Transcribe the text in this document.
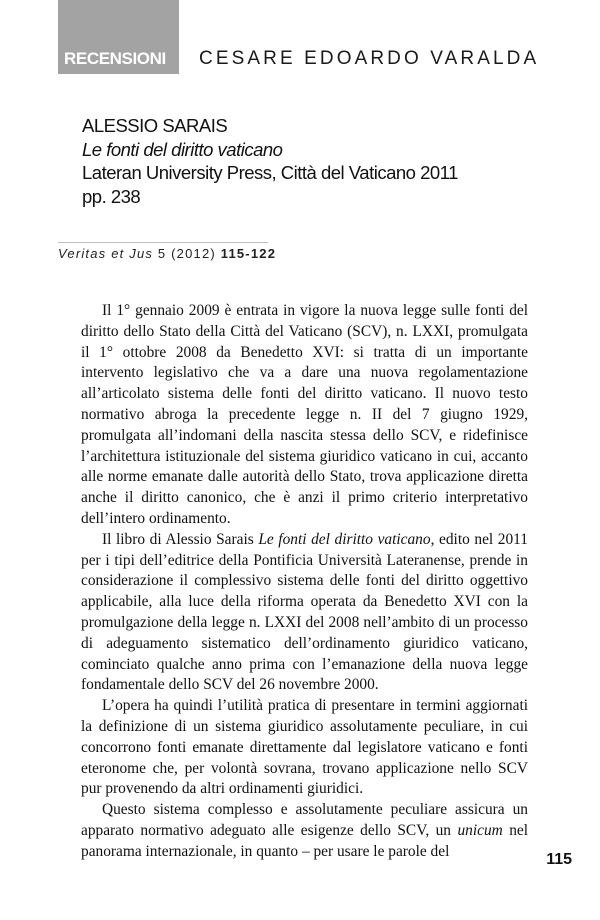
RECENSIONI CESARE EDOARDO VARALDA
ALESSIO SARAIS
Le fonti del diritto vaticano
Lateran University Press, Città del Vaticano 2011
pp. 238
Veritas et Jus 5 (2012) 115-122

Il 1° gennaio 2009 è entrata in vigore la nuova legge sulle fonti del diritto dello Stato della Città del Vaticano (SCV), n. LXXI, promulgata il 1° ottobre 2008 da Benedetto XVI: si tratta di un importante intervento legislativo che va a dare una nuova regolamentazione all’articolato sistema delle fonti del diritto vaticano. Il nuovo testo normativo abroga la precedente legge n. II del 7 giugno 1929, promulgata all’indomani della nascita stessa dello SCV, e ridefinisce l’architettura istituzionale del sistema giuridico vaticano in cui, accanto alle norme emanate dalle autorità dello Stato, trova applicazione diretta anche il diritto canonico, che è anzi il primo criterio interpretativo dell’intero ordinamento.

Il libro di Alessio Sarais Le fonti del diritto vaticano, edito nel 2011 per i tipi dell’editrice della Pontificia Università Lateranense, prende in considerazione il complessivo sistema delle fonti del diritto oggettivo applicabile, alla luce della riforma operata da Benedetto XVI con la promulgazione della legge n. LXXI del 2008 nell’ambito di un processo di adeguamento sistematico dell’ordinamento giuridico vaticano, cominciato qualche anno prima con l’emanazione della nuova legge fondamentale dello SCV del 26 novembre 2000.

L’opera ha quindi l’utilità pratica di presentare in termini aggiornati la definizione di un sistema giuridico assolutamente peculiare, in cui concorrono fonti emanate direttamente dal legislatore vaticano e fonti eteronome che, per volontà sovrana, trovano applicazione nello SCV pur provenendo da altri ordinamenti giuridici.

Questo sistema complesso e assolutamente peculiare assicura un apparato normativo adeguato alle esigenze dello SCV, un unicum nel panorama internazionale, in quanto – per usare le parole del	115
